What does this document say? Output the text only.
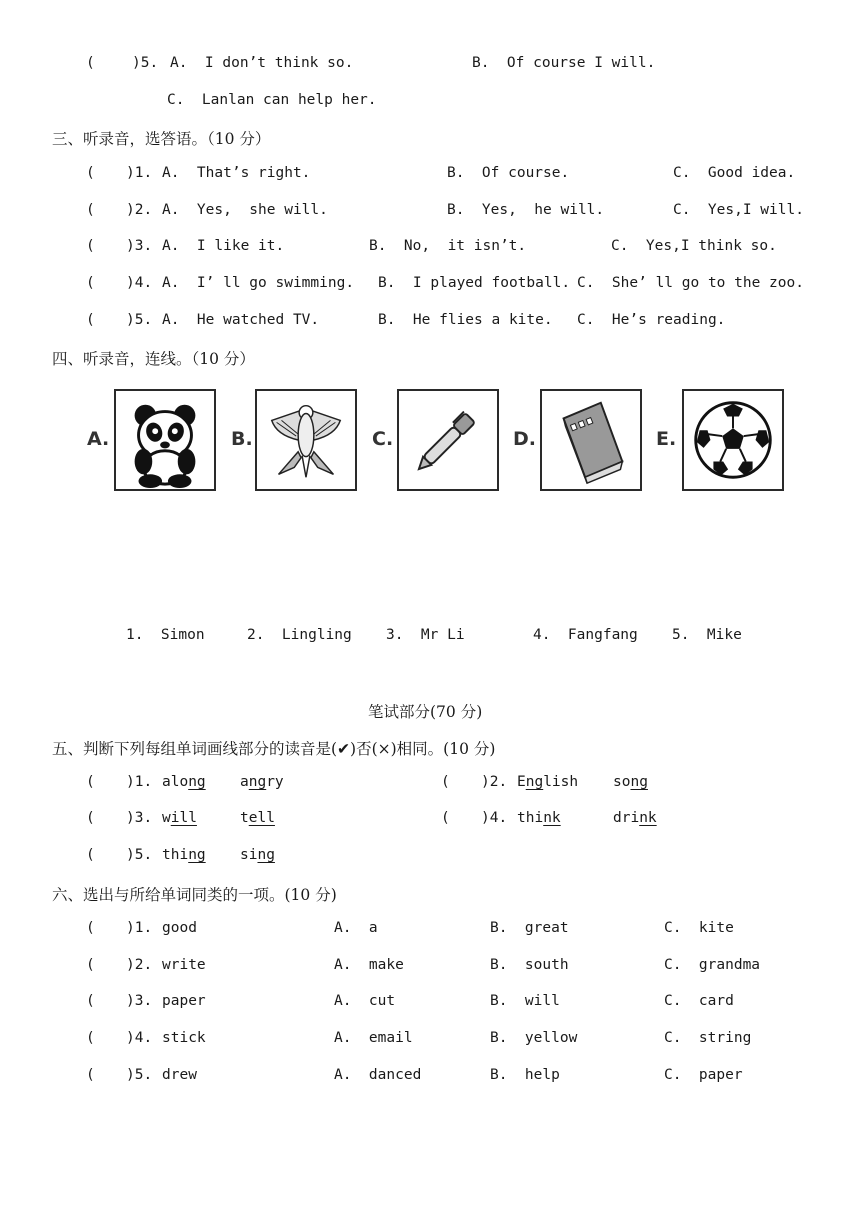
(	)5. A.  I don’t think so.	B.  Of course I will.
C.  Lanlan can help her.
三、听录音，选答语。（10 分）
( )1. A.  That’s right.	B.  Of course.	C.  Good idea.
( )2. A.  Yes,  she will.	B.  Yes,  he will.	C.  Yes,I will.
( )3. A.  I like it.	B.  No,  it isn’t.	C.  Yes,I think so.
( )4. A.  I’ ll go swimming. B.  I played football. C.  She’ ll go to the zoo.
( )5. A.  He watched TV.	B.  He flies a kite. C.  He’s reading.
四、听录音，连线。（10 分）
A.	B.	C.	D.	E.
1.  Simon	2.  Lingling 3.  Mr Li	4.  Fangfang 5.  Mike
笔试部分(70 分)
五、判断下列每组单词画线部分的读音是(✔)否(×)相同。(10 分)
( )1. along angry	( )2. English song
( )3. will	tell	( )4. think	drink
( )5. thing sing
六、选出与所给单词同类的一项。(10 分)
( )1. good	A.  a	B.  great	C.  kite
( )2. write	A.  make	B.  south	C.  grandma
( )3. paper	A.  cut	B.  will	C.  card
( )4. stick	A.  email	B.  yellow	C.  string
( )5. drew	A.  danced	B.  help	C.  paper
